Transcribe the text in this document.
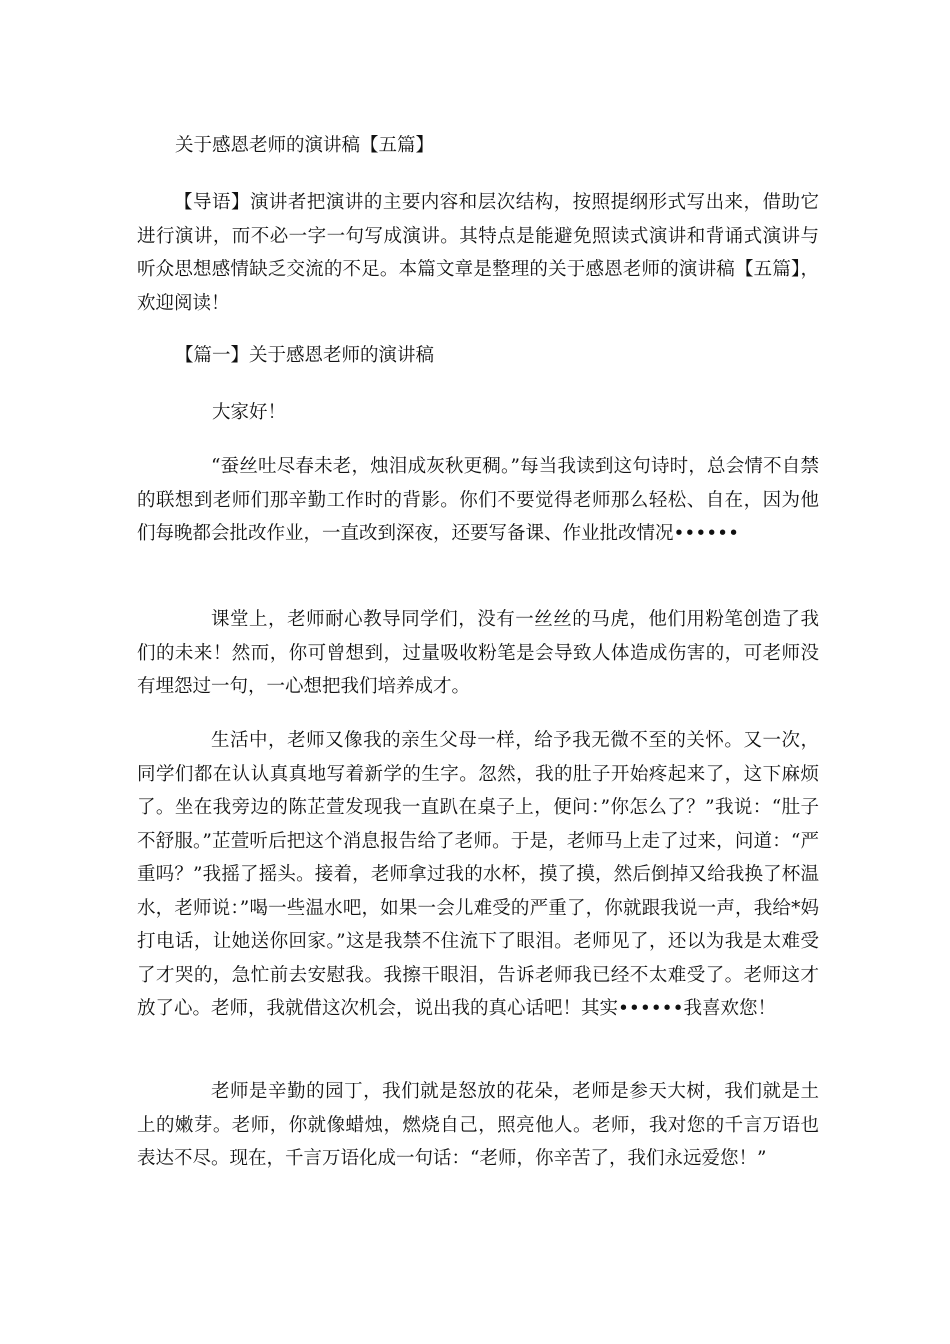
关于感恩老师的演讲稿【五篇】
【导语】演讲者把演讲的主要内容和层次结构，按照提纲形式写出来，借助它进行演讲，而不必一字一句写成演讲。其特点是能避免照读式演讲和背诵式演讲与听众思想感情缺乏交流的不足。本篇文章是整理的关于感恩老师的演讲稿【五篇】，欢迎阅读！
【篇一】关于感恩老师的演讲稿
大家好！
“蚕丝吐尽春未老，烛泪成灰秋更稠。”每当我读到这句诗时，总会情不自禁的联想到老师们那辛勤工作时的背影。你们不要觉得老师那么轻松、自在，因为他们每晚都会批改作业，一直改到深夜，还要写备课、作业批改情况••••••
课堂上，老师耐心教导同学们，没有一丝丝的马虎，他们用粉笔创造了我们的未来！然而，你可曾想到，过量吸收粉笔是会导致人体造成伤害的，可老师没有埋怨过一句，一心想把我们培养成才。
生活中，老师又像我的亲生父母一样，给予我无微不至的关怀。又一次，同学们都在认认真真地写着新学的生字。忽然，我的肚子开始疼起来了，这下麻烦了。坐在我旁边的陈芷萱发现我一直趴在桌子上，便问：”你怎么了？”我说：“肚子不舒服。”芷萱听后把这个消息报告给了老师。于是，老师马上走了过来，问道：“严重吗？”我摇了摇头。接着，老师拿过我的水杯，摸了摸，然后倒掉又给我换了杯温水，老师说：”喝一些温水吧，如果一会儿难受的严重了，你就跟我说一声，我给*妈打电话，让她送你回家。”这是我禁不住流下了眼泪。老师见了，还以为我是太难受了才哭的，急忙前去安慰我。我擦干眼泪，告诉老师我已经不太难受了。老师这才放了心。老师，我就借这次机会，说出我的真心话吧！其实••••••我喜欢您！
老师是辛勤的园丁，我们就是怒放的花朵，老师是参天大树，我们就是土上的嫩芽。老师，你就像蜡烛，燃烧自己，照亮他人。老师，我对您的千言万语也表达不尽。现在，千言万语化成一句话：“老师，你辛苦了，我们永远爱您！”
